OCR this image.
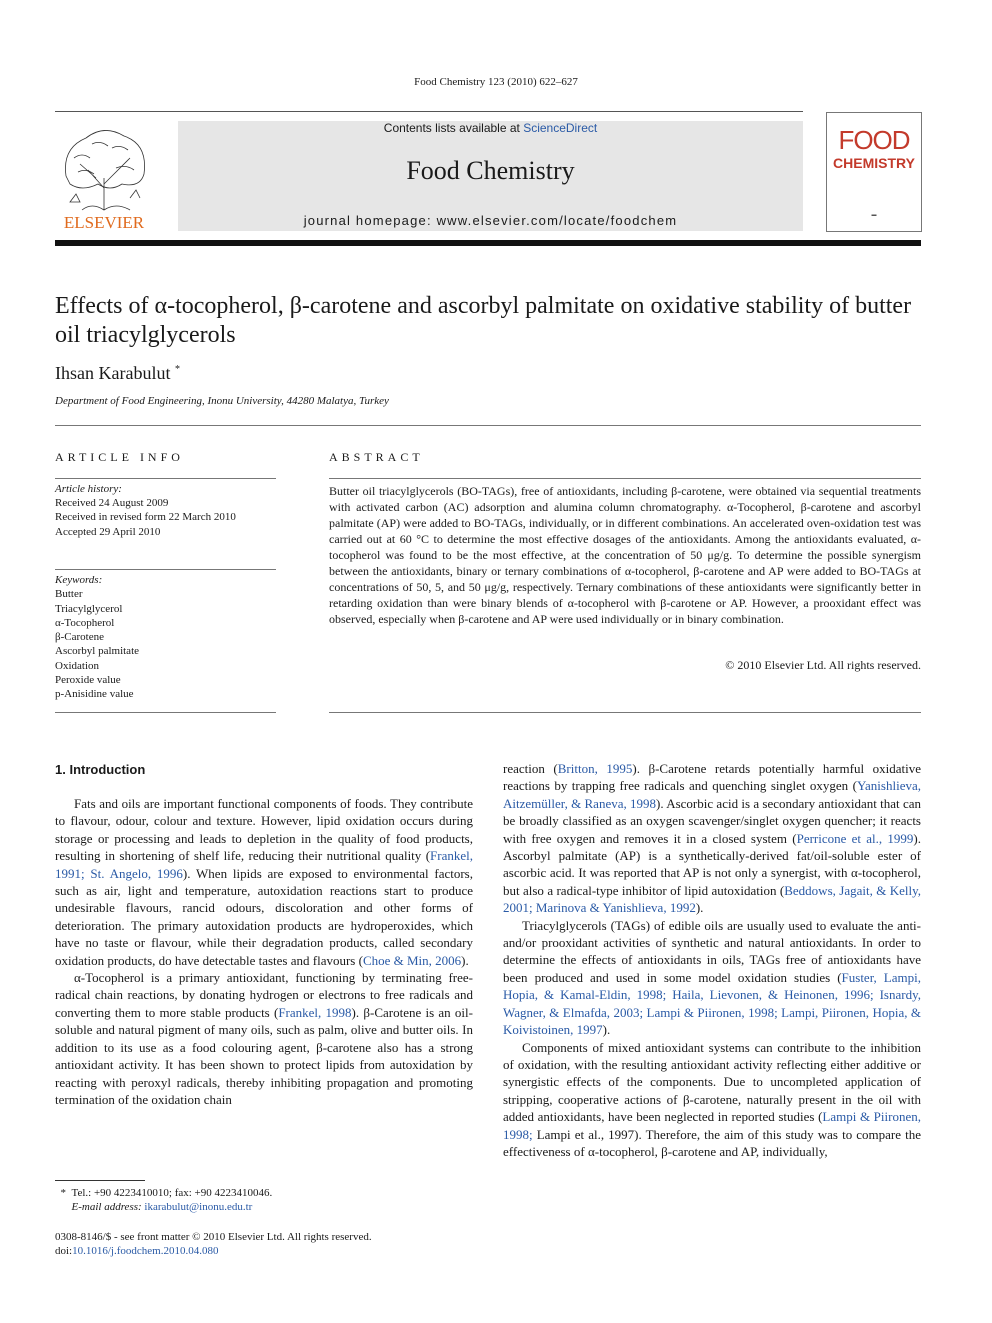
Food Chemistry 123 (2010) 622–627
ELSEVIER
Contents lists available at ScienceDirect
Food Chemistry
journal homepage: www.elsevier.com/locate/foodchem
FOOD
CHEMISTRY
▬
Effects of α-tocopherol, β-carotene and ascorbyl palmitate on oxidative stability of butter oil triacylglycerols
Ihsan Karabulut *
Department of Food Engineering, Inonu University, 44280 Malatya, Turkey
ARTICLE INFO	ABSTRACT
Article history:
Received 24 August 2009
Received in revised form 22 March 2010
Accepted 29 April 2010
Keywords:
Butter
Triacylglycerol
α-Tocopherol
β-Carotene
Ascorbyl palmitate
Oxidation
Peroxide value
p-Anisidine value
Butter oil triacylglycerols (BO-TAGs), free of antioxidants, including β-carotene, were obtained via sequential treatments with activated carbon (AC) adsorption and alumina column chromatography. α-Tocopherol, β-carotene and ascorbyl palmitate (AP) were added to BO-TAGs, individually, or in different combinations. An accelerated oven-oxidation test was carried out at 60 °C to determine the most effective dosages of the antioxidants. Among the antioxidants evaluated, α-tocopherol was found to be the most effective, at the concentration of 50 μg/g. To determine the possible synergism between the antioxidants, binary or ternary combinations of α-tocopherol, β-carotene and AP were added to BO-TAGs at concentrations of 50, 5, and 50 μg/g, respectively. Ternary combinations of these antioxidants were significantly better in retarding oxidation than were binary blends of α-tocopherol with β-carotene or AP. However, a prooxidant effect was observed, especially when β-carotene and AP were used individually or in binary combination.
© 2010 Elsevier Ltd. All rights reserved.
1. Introduction

Fats and oils are important functional components of foods. They contribute to flavour, odour, colour and texture. However, lipid oxidation occurs during storage or processing and leads to depletion in the quality of food products, resulting in shortening of shelf life, reducing their nutritional quality (Frankel, 1991; St. Angelo, 1996). When lipids are exposed to environmental factors, such as air, light and temperature, autoxidation reactions start to produce undesirable flavours, rancid odours, discoloration and other forms of deterioration. The primary autoxidation products are hydroperoxides, which have no taste or flavour, while their degradation products, called secondary oxidation products, do have detectable tastes and flavours (Choe & Min, 2006).

α-Tocopherol is a primary antioxidant, functioning by terminating free-radical chain reactions, by donating hydrogen or electrons to free radicals and converting them to more stable products (Frankel, 1998). β-Carotene is an oil-soluble and natural pigment of many oils, such as palm, olive and butter oils. In addition to its use as a food colouring agent, β-carotene also has a strong antioxidant activity. It has been shown to protect lipids from autoxidation by reacting with peroxyl radicals, thereby inhibiting propagation and promoting termination of the oxidation chain

reaction (Britton, 1995). β-Carotene retards potentially harmful oxidative reactions by trapping free radicals and quenching singlet oxygen (Yanishlieva, Aitzemüller, & Raneva, 1998). Ascorbic acid is a secondary antioxidant that can be broadly classified as an oxygen scavenger/singlet oxygen quencher; it reacts with free oxygen and removes it in a closed system (Perricone et al., 1999). Ascorbyl palmitate (AP) is a synthetically-derived fat/oil-soluble ester of ascorbic acid. It was reported that AP is not only a synergist, with α-tocopherol, but also a radical-type inhibitor of lipid autoxidation (Beddows, Jagait, & Kelly, 2001; Marinova & Yanishlieva, 1992).

Triacylglycerols (TAGs) of edible oils are usually used to evaluate the anti- and/or prooxidant activities of synthetic and natural antioxidants. In order to determine the effects of antioxidants in oils, TAGs free of antioxidants have been produced and used in some model oxidation studies (Fuster, Lampi, Hopia, & Kamal-Eldin, 1998; Haila, Lievonen, & Heinonen, 1996; Isnardy, Wagner, & Elmafda, 2003; Lampi & Piironen, 1998; Lampi, Piironen, Hopia, & Koivistoinen, 1997).

Components of mixed antioxidant systems can contribute to the inhibition of oxidation, with the resulting antioxidant activity reflecting either additive or synergistic effects of the components. Due to uncompleted application of stripping, cooperative actions of β-carotene, naturally present in the oil with added antioxidants, have been neglected in reported studies (Lampi & Piironen, 1998; Lampi et al., 1997). Therefore, the aim of this study was to compare the effectiveness of α-tocopherol, β-carotene and AP, individually,

* Tel.: +90 4223410010; fax: +90 4223410046.
E-mail address: ikarabulut@inonu.edu.tr
0308-8146/$ - see front matter © 2010 Elsevier Ltd. All rights reserved.
doi:10.1016/j.foodchem.2010.04.080
